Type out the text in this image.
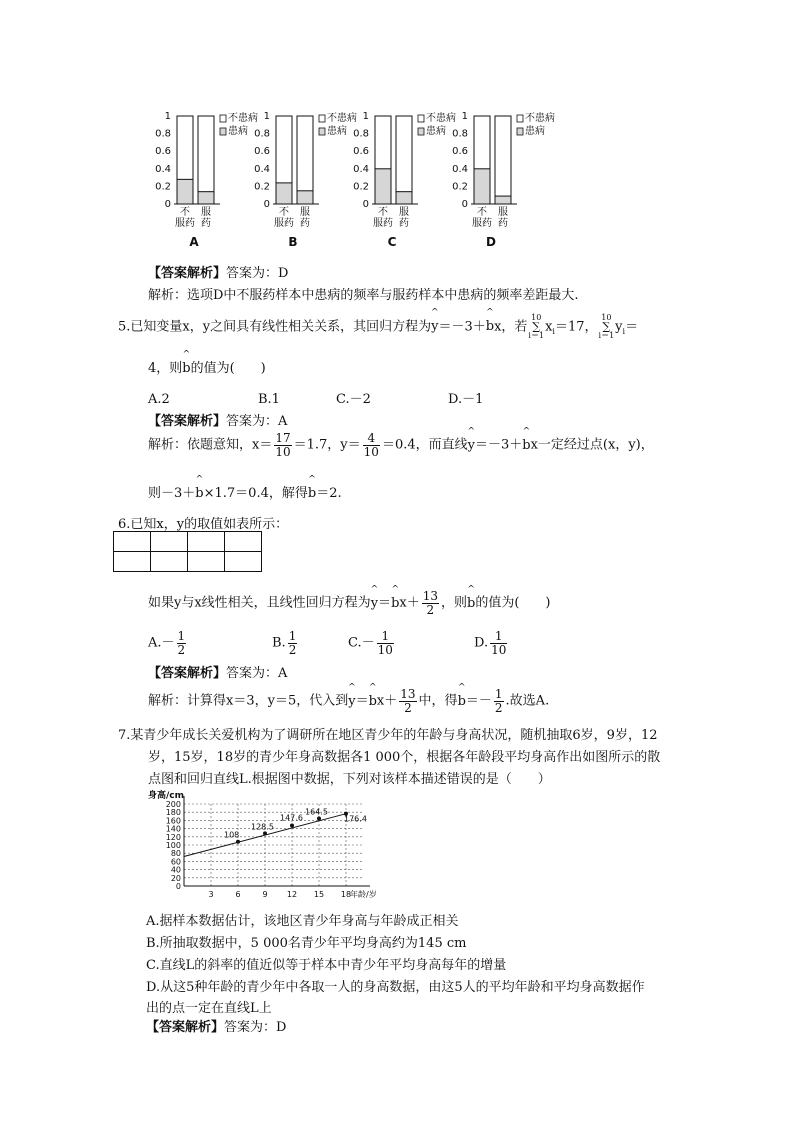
1
0.8
0.6
0.4
0.2
0
不
服药
服
药
不患病
患病
A
1
0.8
0.6
0.4
0.2
0
不
服药
服
药
不患病
患病
B
1
0.8
0.6
0.4
0.2
0
不
服药
服
药
不患病
患病
C
1
0.8
0.6
0.4
0.2
0
不
服药
服
药
不患病
患病
D
【答案解析】答案为：D
解析：选项D中不服药样本中患病的频率与服药样本中患病的频率差距最大.
5.已知变量x，y之间具有线性相关关系，其回归方程为^ y＝－3＋^ bx，若10
∑
$i=1x_i=17$，10
∑
$i=1y_i=$
4，则^ b的值为(　　)
A.2	B.1	C.－2	D.－1
【答案解析】答案为：A
解析：依题意知，$x= \frac{17}{10} =1.7$，$y= \frac{4}{10} =0.4$，而直线^ y＝－3＋^ bx一定经过点(x，y)，
则－3＋^ b×1.7＝0.4，解得^ b＝2.
6.已知x，y的取值如表所示：

如果y与x线性相关，且线性回归方程为^ y＝^ $bx+ \frac{13}{2}$ ，则^ b的值为(　　)
$A.- \frac{1}{2}$	B. $\frac{1}{2}$	$C.- \frac{1}{10}$	D. $\frac{1}{10}$
【答案解析】答案为：A
解析：计算得x＝3，y＝5，代入到^ y＝^ $bx+ \frac{13}{2}$ 中，得^ $b=- \frac{1}{2}$ .故选A.
7.某青少年成长关爱机构为了调研所在地区青少年的年龄与身高状况，随机抽取6岁，9岁，12
岁，15岁，18岁的青少年身高数据各1 000个，根据各年龄段平均身高作出如图所示的散
点图和回归直线L.根据图中数据，下列对该样本描述错误的是（　　）
0
20
40
60
80
100
120
140
160
180
200
3	6	9 12 15 18
身高/cm
年龄/岁
108
128.5
147.6
164.5
176.4
A.据样本数据估计，该地区青少年身高与年龄成正相关
B.所抽取数据中，5 000名青少年平均身高约为145 cm
C.直线L的斜率的值近似等于样本中青少年平均身高每年的增量
D.从这5种年龄的青少年中各取一人的身高数据，由这5人的平均年龄和平均身高数据作
出的点一定在直线L上
【答案解析】答案为：D
